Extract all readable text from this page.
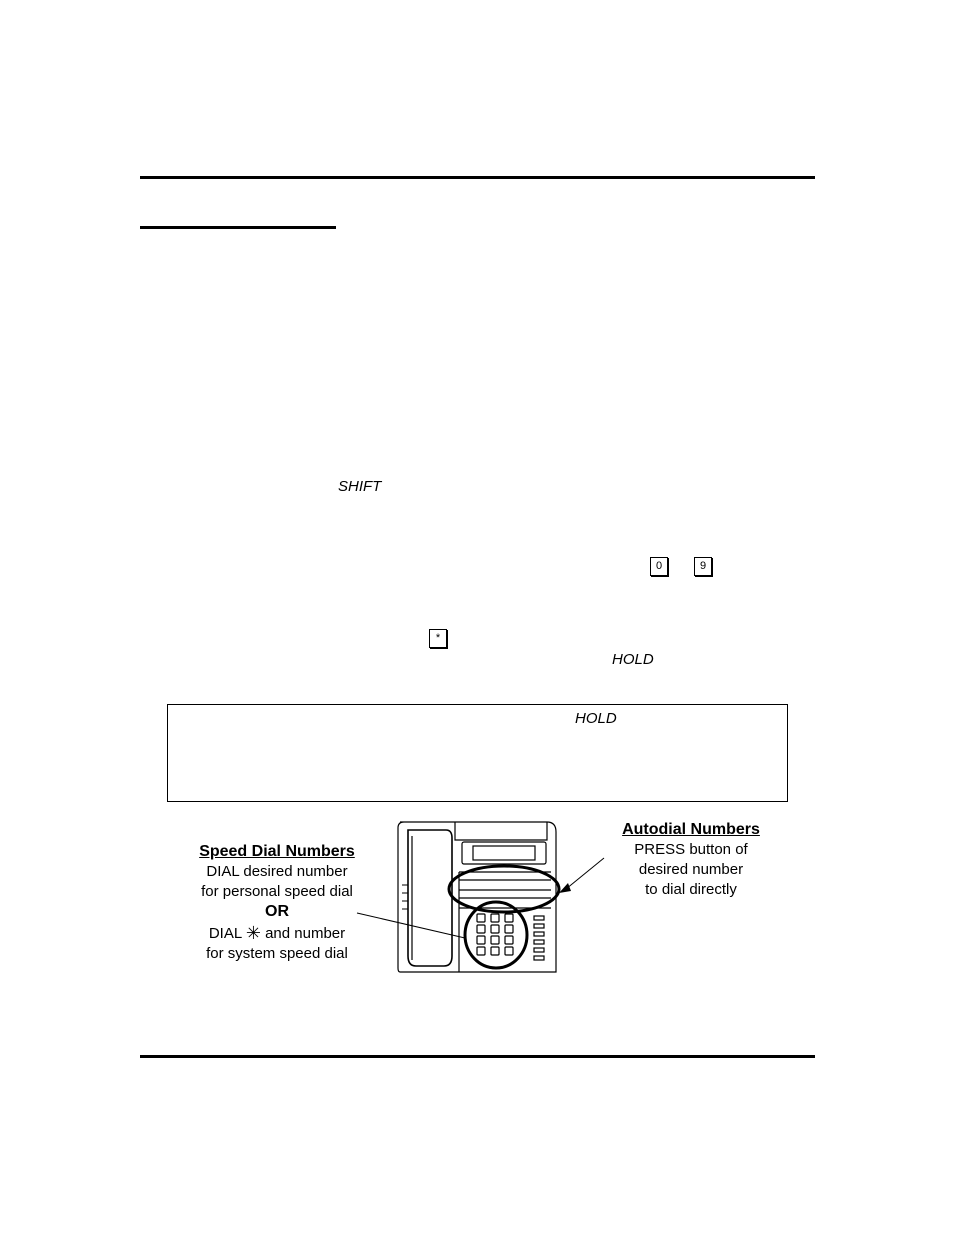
SHIFT
0	9
*
HOLD
HOLD
Speed Dial Numbers
DIAL desired number
for personal speed dial
OR
DIAL ✳ and number
for system speed dial
Autodial Numbers
PRESS button of
desired number
to dial directly
